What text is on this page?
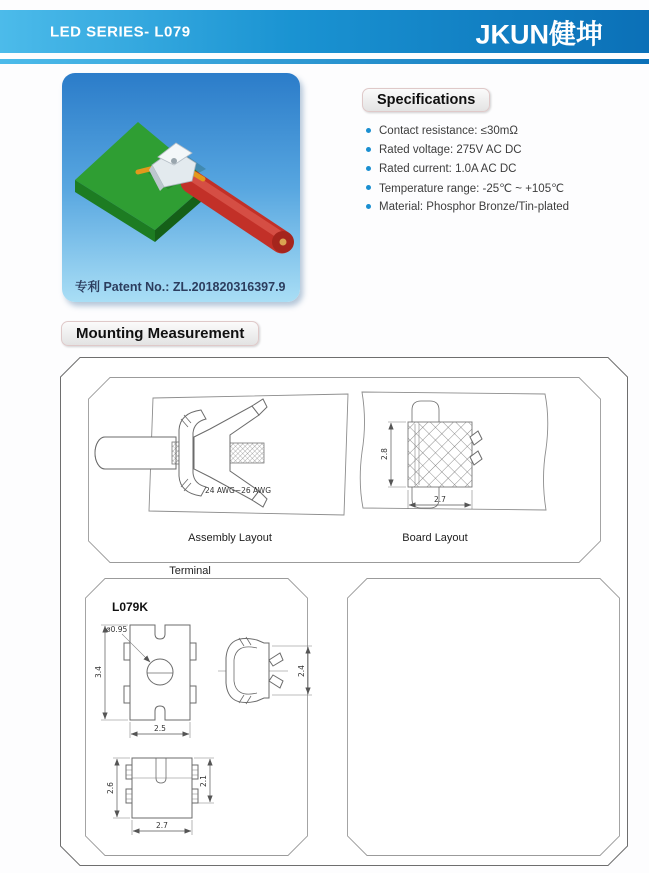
LED SERIES- L079	JKUN健坤
专利 Patent No.: ZL.201820316397.9
Specifications
Contact resistance: ≤30mΩ
Rated voltage: 275V AC DC
Rated current: 1.0A AC DC
Temperature range: -25℃ ~ +105℃
Material: Phosphor Bronze/Tin-plated
Mounting Measurement
24 AWG~26 AWG
Assembly Layout
2.8
2.7
Board Layout
Terminal
L079K
ø0.95
3.4
2.5
2.4
2.6
2.1
2.7
